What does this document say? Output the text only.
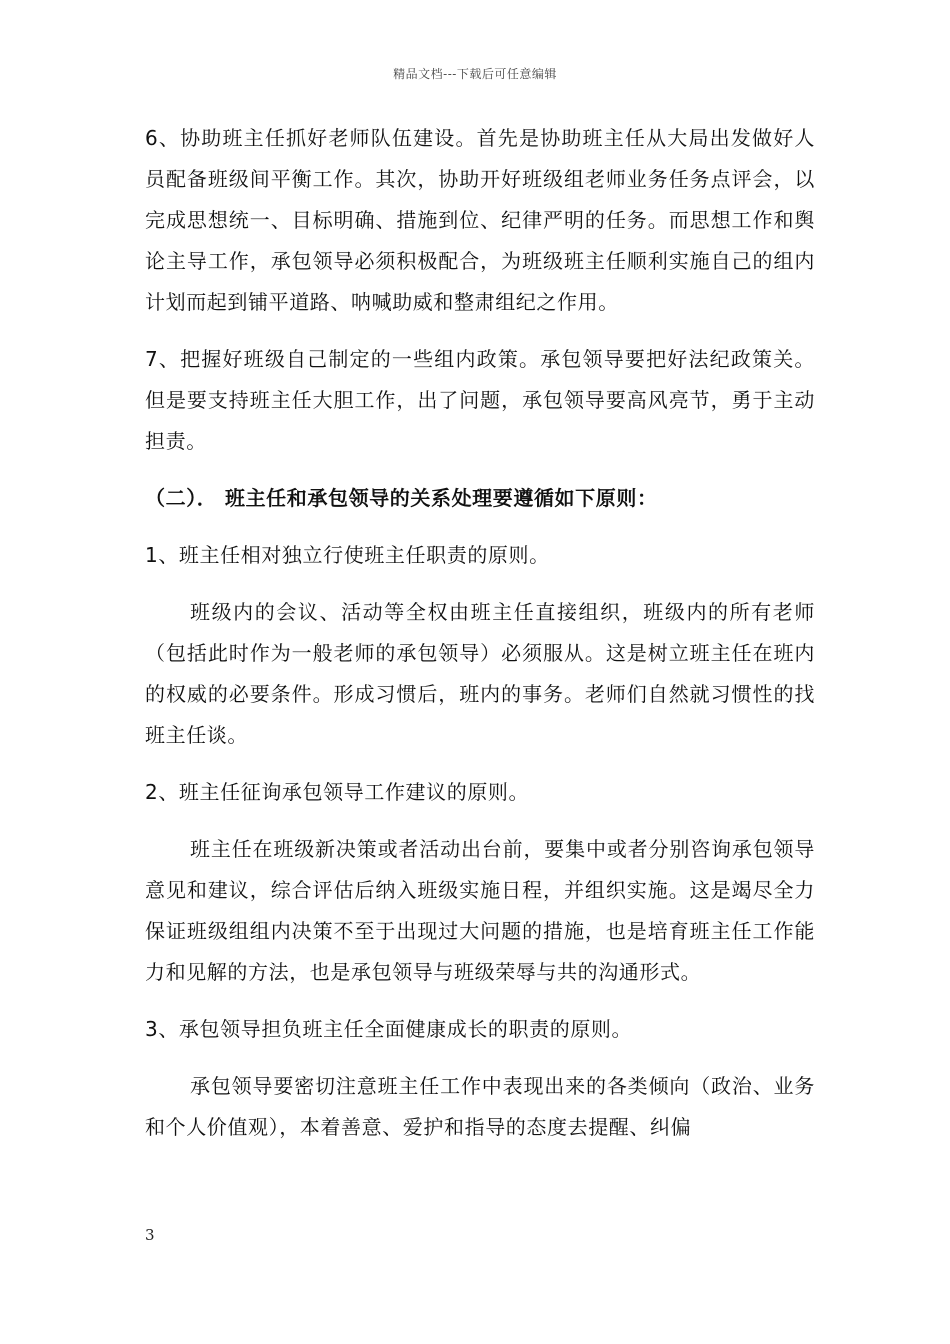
精品文档---下载后可任意编辑

6、协助班主任抓好老师队伍建设。首先是协助班主任从大局出发做好人员配备班级间平衡工作。其次，协助开好班级组老师业务任务点评会，以完成思想统一、目标明确、措施到位、纪律严明的任务。而思想工作和舆论主导工作，承包领导必须积极配合，为班级班主任顺利实施自己的组内计划而起到铺平道路、呐喊助威和整肃组纪之作用。

7、把握好班级自己制定的一些组内政策。承包领导要把好法纪政策关。但是要支持班主任大胆工作，出了问题，承包领导要高风亮节，勇于主动担责。

（二）． 班主任和承包领导的关系处理要遵循如下原则：

1、班主任相对独立行使班主任职责的原则。

班级内的会议、活动等全权由班主任直接组织，班级内的所有老师（包括此时作为一般老师的承包领导）必须服从。这是树立班主任在班内的权威的必要条件。形成习惯后，班内的事务。老师们自然就习惯性的找班主任谈。

2、班主任征询承包领导工作建议的原则。

班主任在班级新决策或者活动出台前，要集中或者分别咨询承包领导意见和建议，综合评估后纳入班级实施日程，并组织实施。这是竭尽全力保证班级组组内决策不至于出现过大问题的措施，也是培育班主任工作能力和见解的方法，也是承包领导与班级荣辱与共的沟通形式。

3、承包领导担负班主任全面健康成长的职责的原则。

承包领导要密切注意班主任工作中表现出来的各类倾向（政治、业务和个人价值观），本着善意、爱护和指导的态度去提醒、纠偏

3
